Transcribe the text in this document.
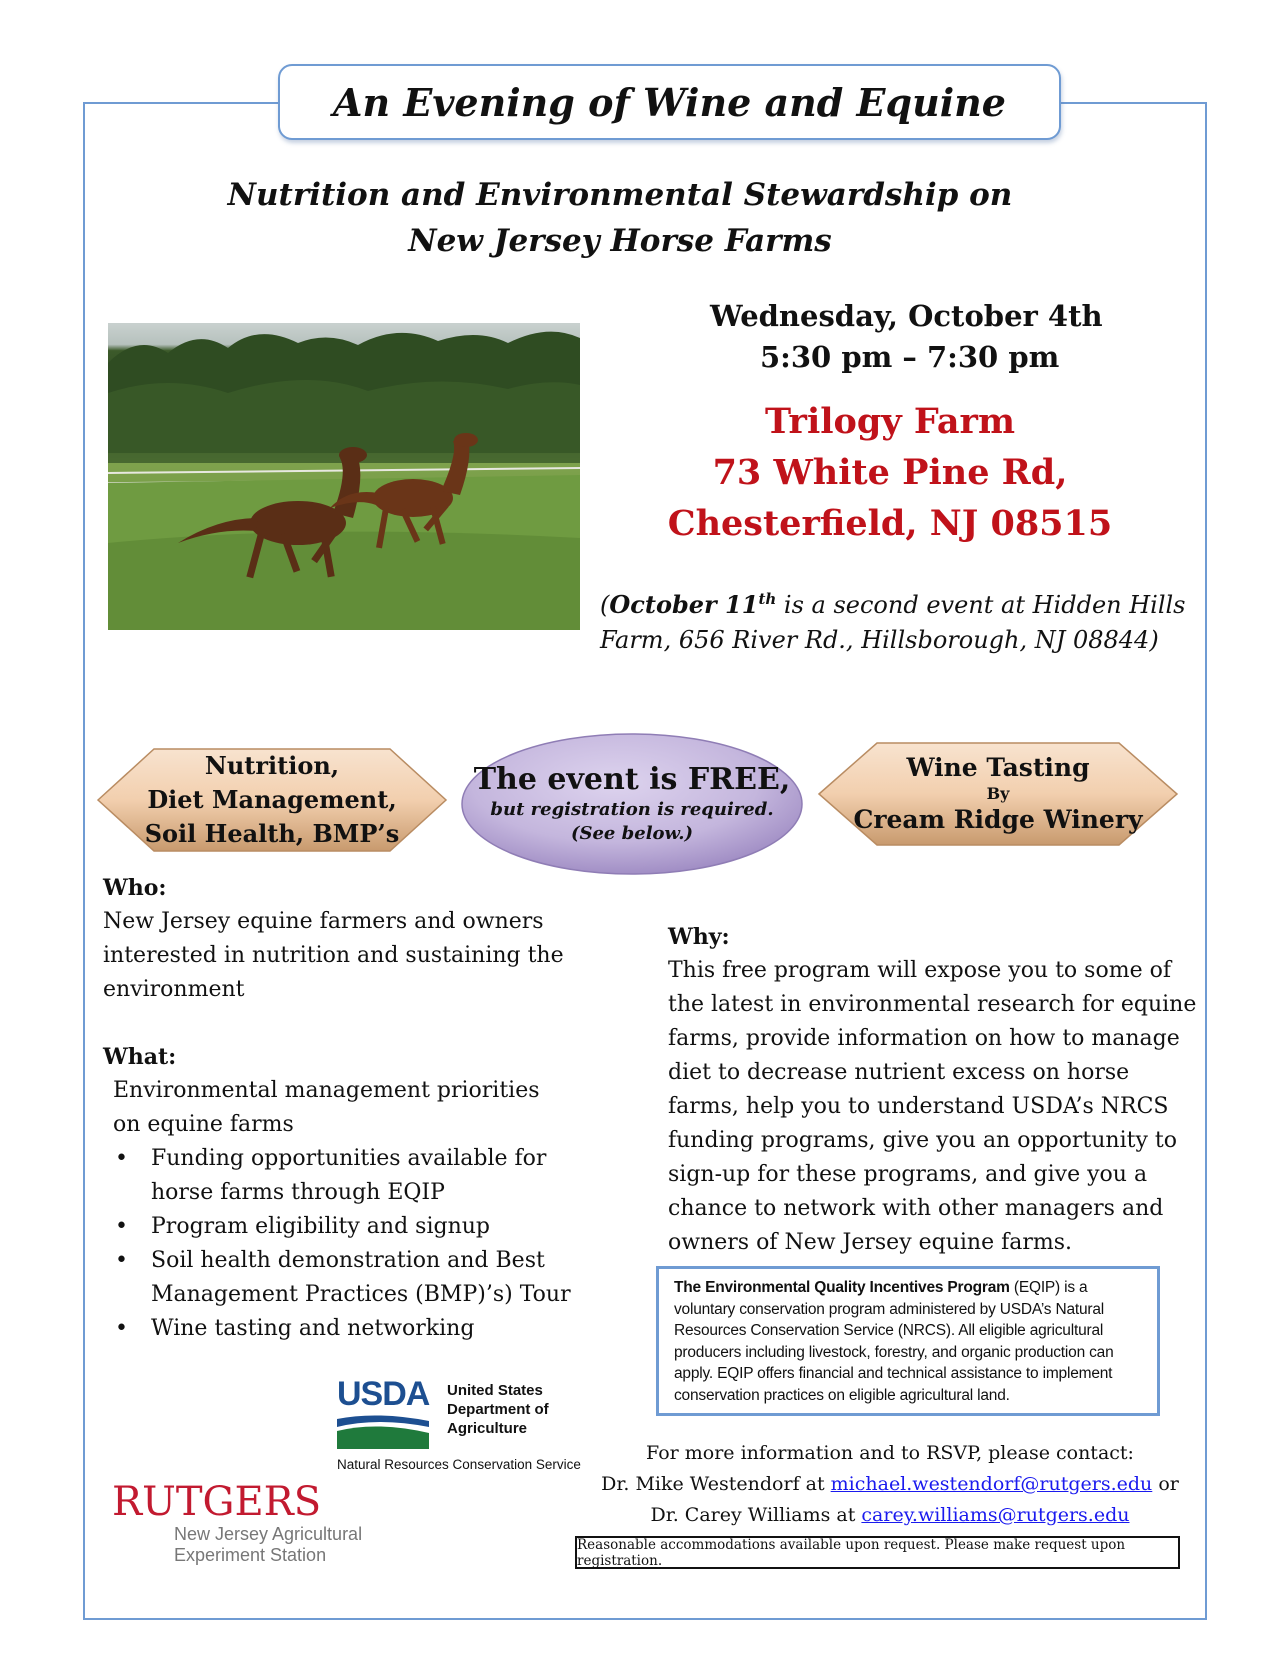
An Evening of Wine and Equine
Nutrition and Environmental Stewardship on
New Jersey Horse Farms
Wednesday, October 4th
5:30 pm – 7:30 pm
Trilogy Farm
73 White Pine Rd,
Chesterfield, NJ 08515
(October 11th is a second event at Hidden Hills Farm, 656 River Rd., Hillsborough, NJ 08844)
Nutrition,
Diet Management,
Soil Health, BMP’s
The event is FREE,
but registration is required.
(See below.)
Wine Tasting
By
Cream Ridge Winery
Who:
New Jersey equine farmers and owners interested in nutrition and sustaining the environment
What:
Environmental management priorities on equine farms
• Funding opportunities available for horse farms through EQIP
• Program eligibility and signup
• Soil health demonstration and Best Management Practices (BMP)’s) Tour
• Wine tasting and networking
Why:
This free program will expose you to some of the latest in environmental research for equine farms, provide information on how to manage diet to decrease nutrient excess on horse farms, help you to understand USDA’s NRCS funding programs, give you an opportunity to sign-up for these programs, and give you a chance to network with other managers and owners of New Jersey equine farms.
The Environmental Quality Incentives Program (EQIP) is a voluntary conservation program administered by USDA’s Natural Resources Conservation Service (NRCS). All eligible agricultural producers including livestock, forestry, and organic production can apply. EQIP offers financial and technical assistance to implement conservation practices on eligible agricultural land.
For more information and to RSVP, please contact:
Dr. Mike Westendorf at michael.westendorf@rutgers.edu or
Dr. Carey Williams at carey.williams@rutgers.edu
Reasonable accommodations available upon request. Please make request upon registration.
USDA United States
Department of
Agriculture
Natural Resources Conservation Service
RUTGERS
New Jersey Agricultural
Experiment Station
